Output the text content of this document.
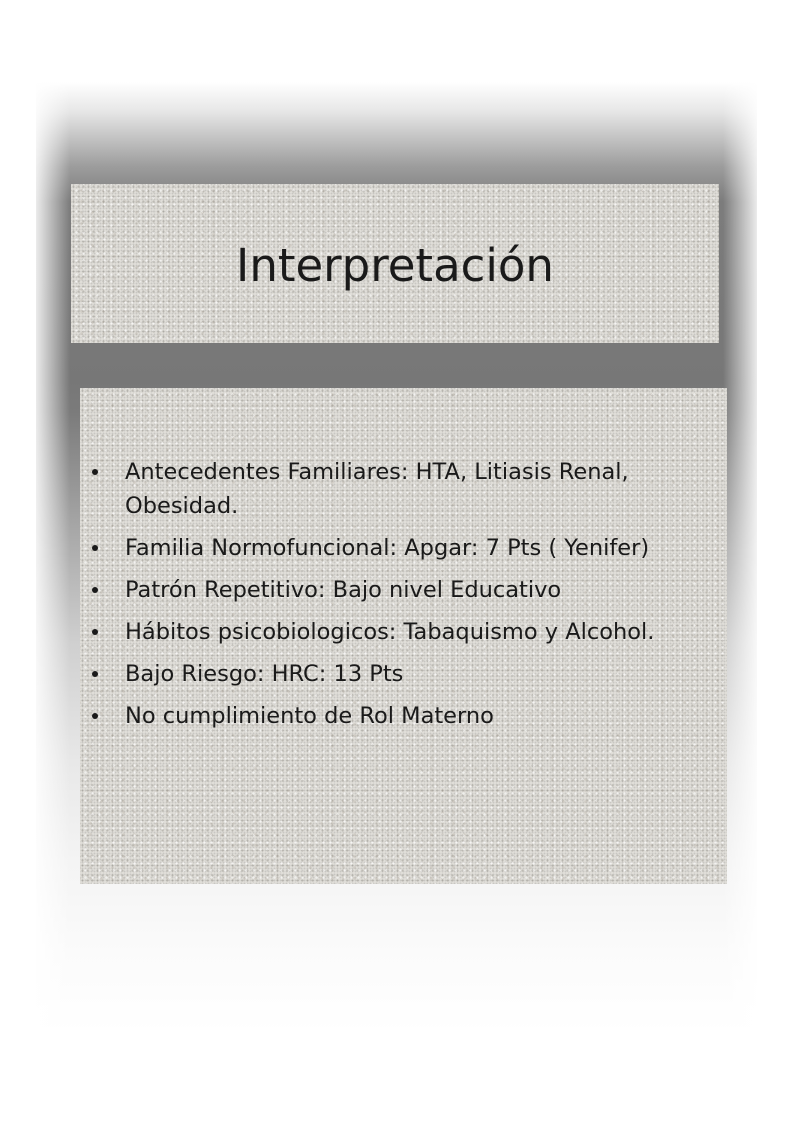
Interpretación
Antecedentes Familiares: HTA, Litiasis Renal, Obesidad.
Familia Normofuncional: Apgar: 7 Pts ( Yenifer)
Patrón Repetitivo: Bajo nivel Educativo
Hábitos psicobiologicos: Tabaquismo y Alcohol.
Bajo Riesgo: HRC: 13 Pts
No cumplimiento de Rol Materno
